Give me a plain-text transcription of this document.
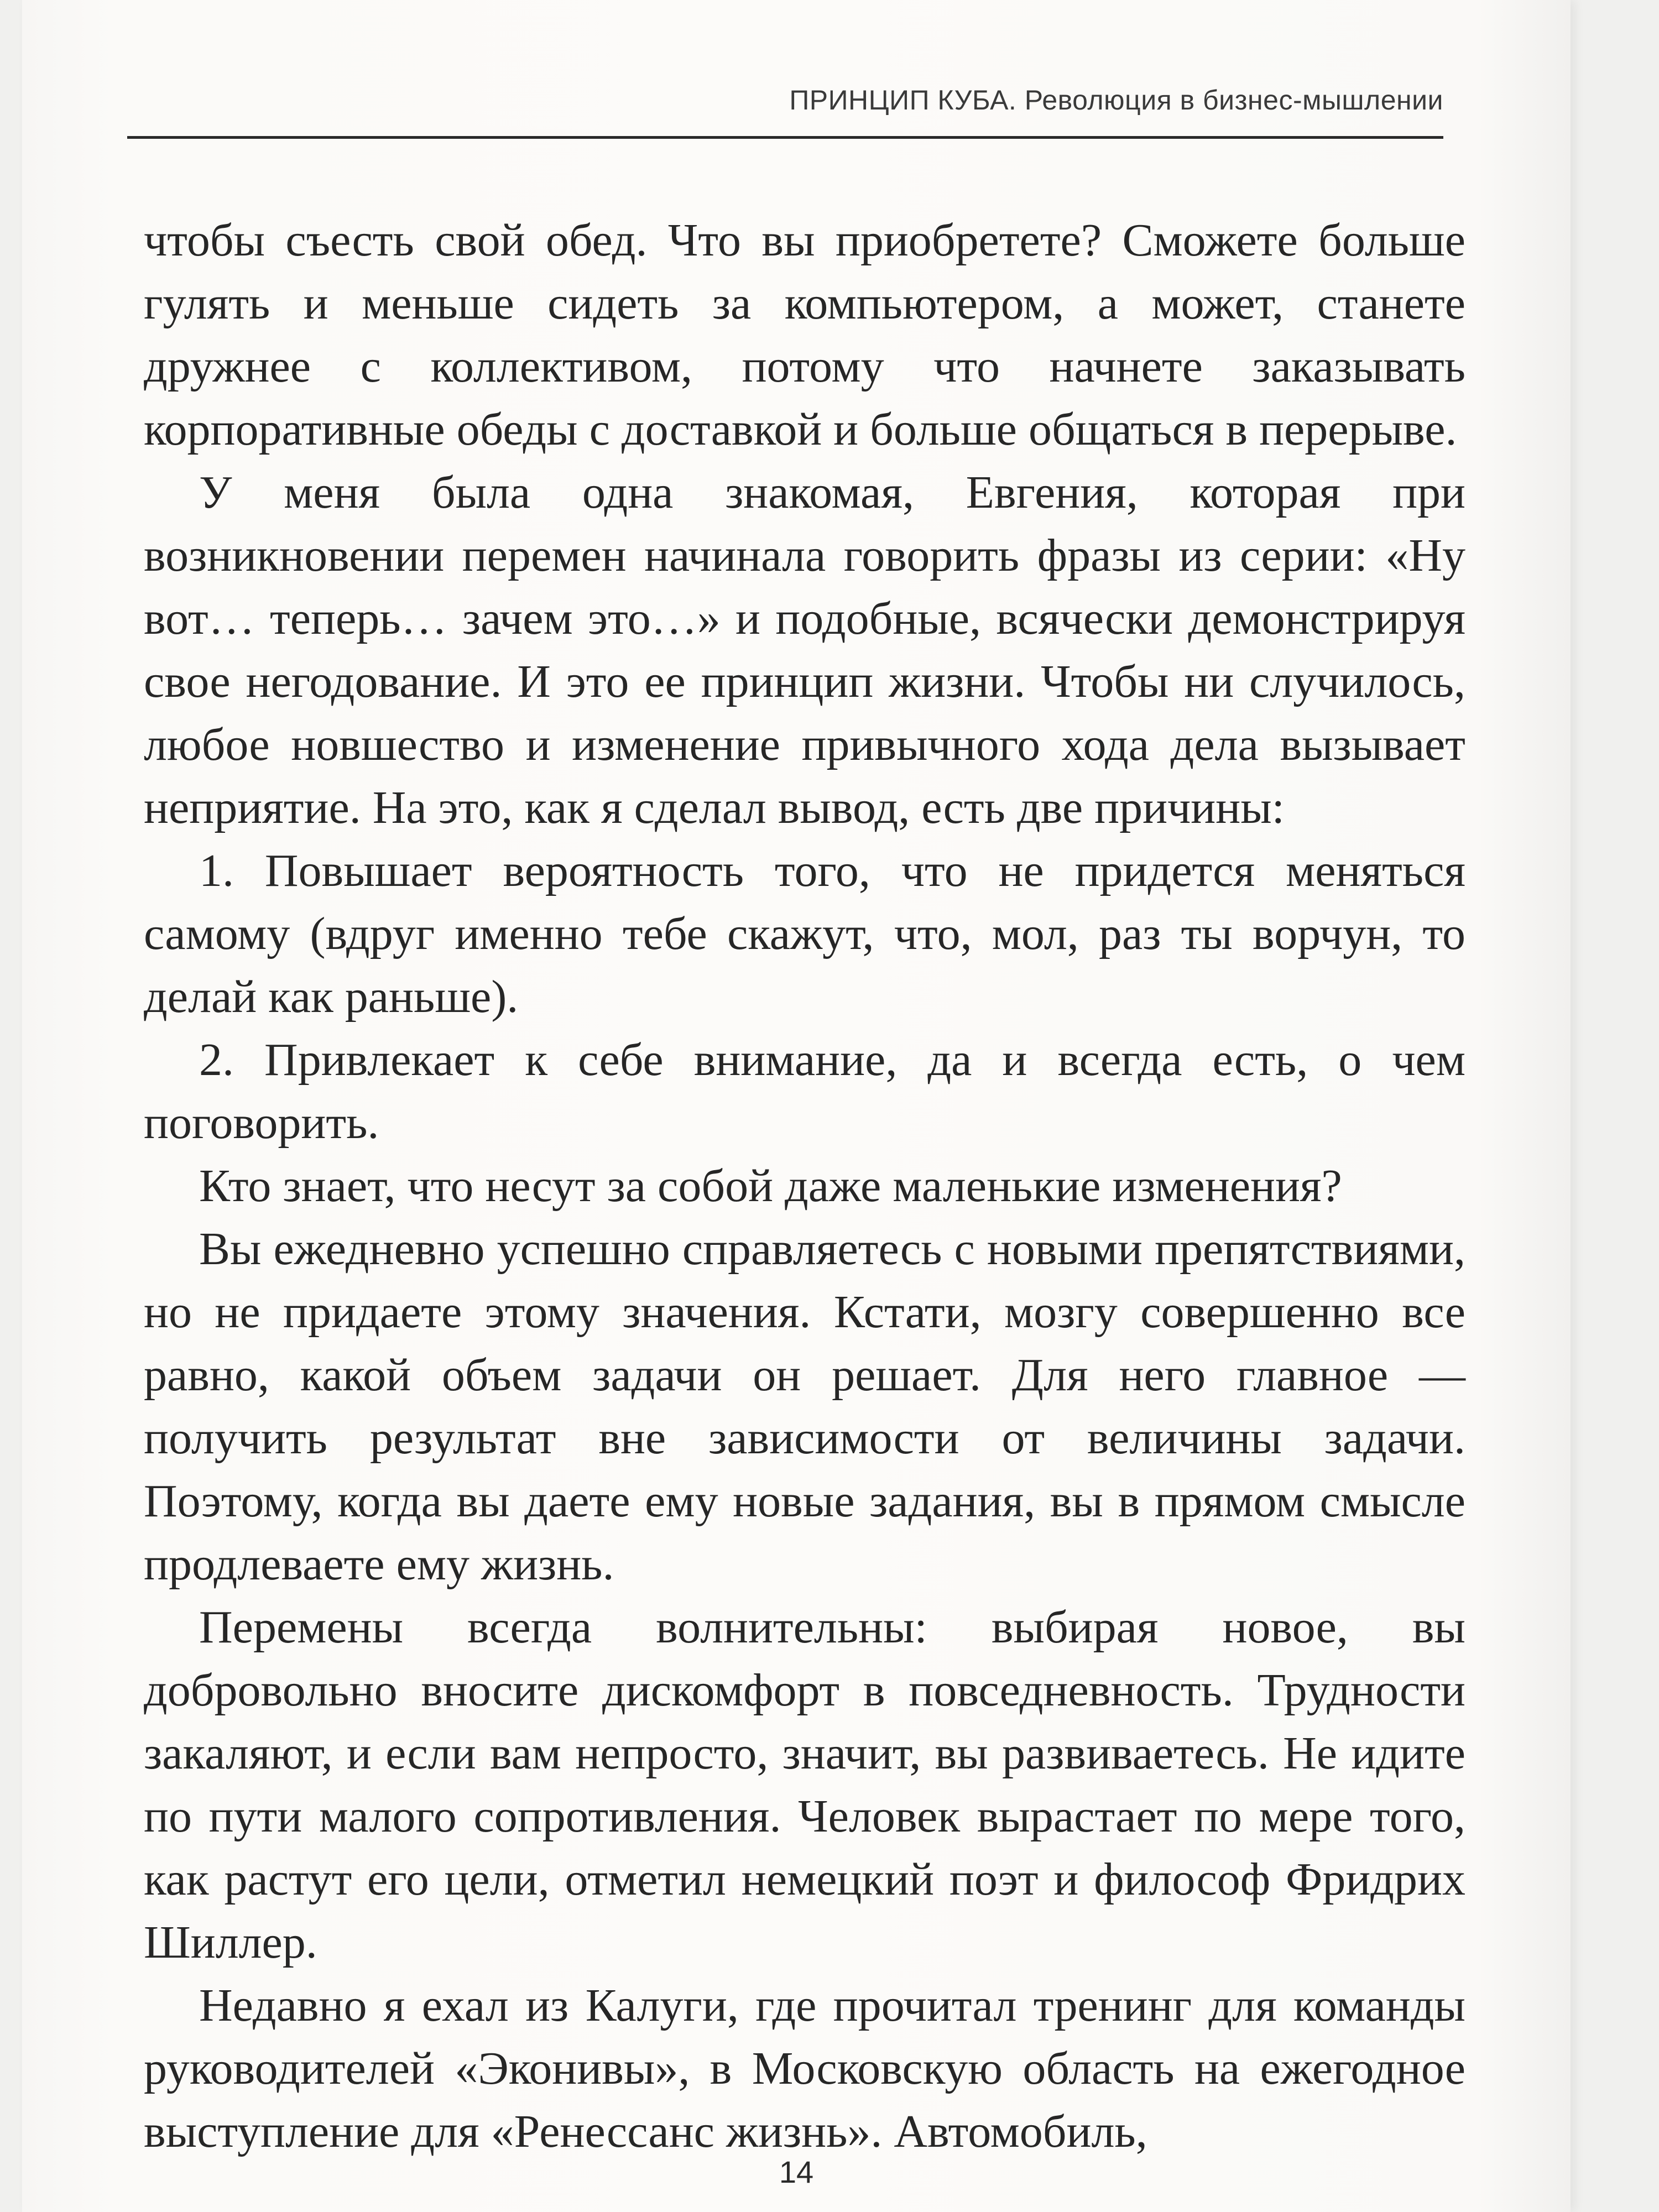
ПРИНЦИП КУБА. Революция в бизнес-мышлении

чтобы съесть свой обед. Что вы приобретете? Сможете больше гулять и меньше сидеть за компьютером, а может, станете дружнее с коллективом, потому что начнете заказывать корпоративные обеды с доставкой и больше общаться в перерыве.

У меня была одна знакомая, Евгения, которая при возникновении перемен начинала говорить фразы из серии: «Ну вот… теперь… зачем это…» и подобные, всячески демонстрируя свое негодование. И это ее принцип жизни. Чтобы ни случилось, любое новшество и изменение привычного хода дела вызывает неприятие. На это, как я сделал вывод, есть две причины:

1. Повышает вероятность того, что не придется меняться самому (вдруг именно тебе скажут, что, мол, раз ты ворчун, то делай как раньше).

2. Привлекает к себе внимание, да и всегда есть, о чем поговорить.

Кто знает, что несут за собой даже маленькие изменения?

Вы ежедневно успешно справляетесь с новыми препятствиями, но не придаете этому значения. Кстати, мозгу совершенно все равно, какой объем задачи он решает. Для него главное — получить результат вне зависимости от величины задачи. Поэтому, когда вы даете ему новые задания, вы в прямом смысле продлеваете ему жизнь.

Перемены всегда волнительны: выбирая новое, вы добровольно вносите дискомфорт в повседневность. Трудности закаляют, и если вам непросто, значит, вы развиваетесь. Не идите по пути малого сопротивления. Человек вырастает по мере того, как растут его цели, отметил немецкий поэт и философ Фридрих Шиллер.

Недавно я ехал из Калуги, где прочитал тренинг для команды руководителей «Эконивы», в Московскую область на ежегодное выступление для «Ренессанс жизнь». Автомобиль,

14
